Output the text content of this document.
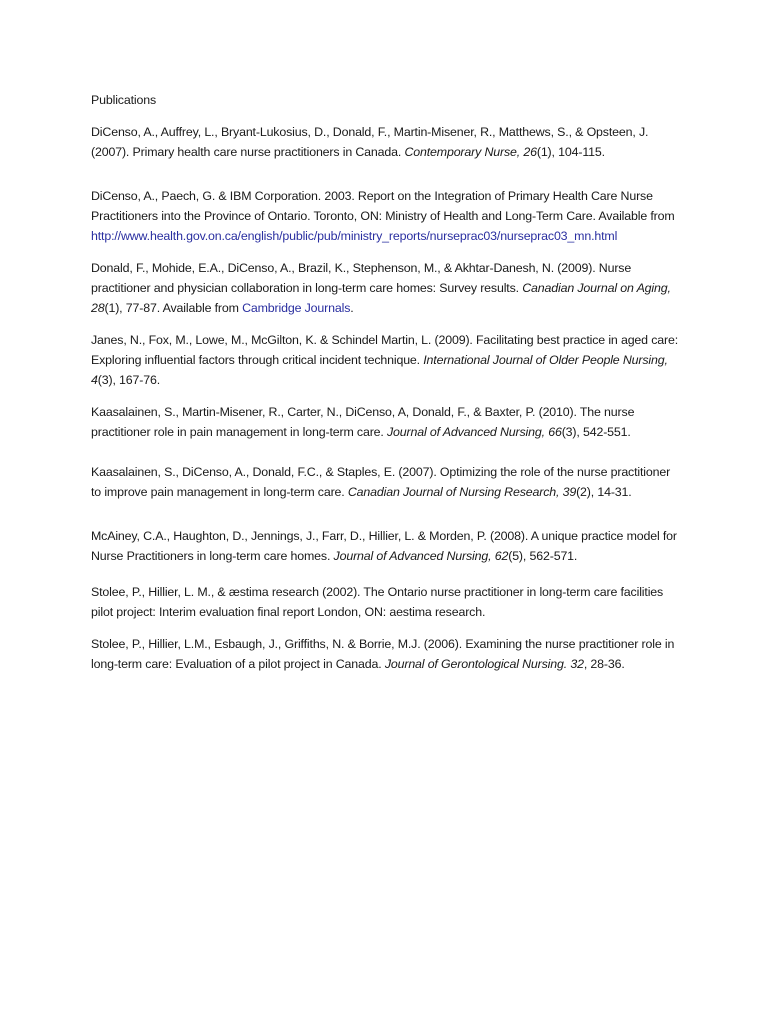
Publications

DiCenso, A., Auffrey, L., Bryant-Lukosius, D., Donald, F., Martin-Misener, R., Matthews, S., & Opsteen, J. (2007). Primary health care nurse practitioners in Canada. Contemporary Nurse, 26(1), 104-115.

DiCenso, A., Paech, G. & IBM Corporation. 2003. Report on the Integration of Primary Health Care Nurse Practitioners into the Province of Ontario. Toronto, ON: Ministry of Health and Long-Term Care. Available from
http://www.health.gov.on.ca/english/public/pub/ministry_reports/nurseprac03/nurseprac03_mn.html

Donald, F., Mohide, E.A., DiCenso, A., Brazil, K., Stephenson, M., & Akhtar-Danesh, N. (2009). Nurse practitioner and physician collaboration in long-term care homes: Survey results. Canadian Journal on Aging, 28(1), 77-87. Available from Cambridge Journals.

Janes, N., Fox, M., Lowe, M., McGilton, K. & Schindel Martin, L. (2009). Facilitating best practice in aged care: Exploring influential factors through critical incident technique. International Journal of Older People Nursing, 4(3), 167-76.

Kaasalainen, S., Martin-Misener, R., Carter, N., DiCenso, A, Donald, F., & Baxter, P. (2010). The nurse practitioner role in pain management in long-term care. Journal of Advanced Nursing, 66(3), 542-551.

Kaasalainen, S., DiCenso, A., Donald, F.C., & Staples, E. (2007). Optimizing the role of the nurse practitioner to improve pain management in long-term care. Canadian Journal of Nursing Research, 39(2), 14-31.

McAiney, C.A., Haughton, D., Jennings, J., Farr, D., Hillier, L. & Morden, P. (2008). A unique practice model for Nurse Practitioners in long-term care homes. Journal of Advanced Nursing, 62(5), 562-571.

Stolee, P., Hillier, L. M., & æstima research (2002). The Ontario nurse practitioner in long-term care facilities pilot project: Interim evaluation final report London, ON: aestima research.

Stolee, P., Hillier, L.M., Esbaugh, J., Griffiths, N. & Borrie, M.J. (2006). Examining the nurse practitioner role in long-term care: Evaluation of a pilot project in Canada. Journal of Gerontological Nursing. 32, 28-36.
